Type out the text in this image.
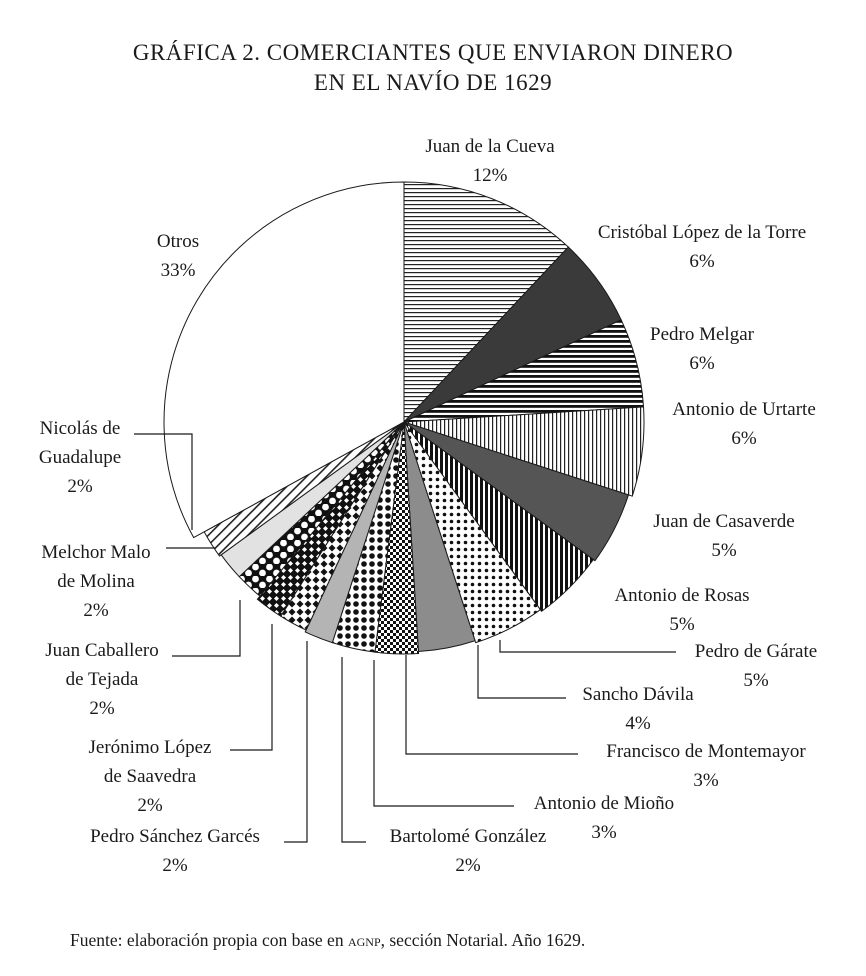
GRÁFICA 2. COMERCIANTES QUE ENVIARON DINERO
EN EL NAVÍO DE 1629
Juan de la Cueva 12%
Cristóbal López de la Torre 6%
Pedro Melgar 6%
Antonio de Urtarte 6%
Juan de Casaverde 5%
Antonio de Rosas 5%
Pedro de Gárate 5%
Sancho Dávila 4%
Francisco de Montemayor 3%
Antonio de Mioño 3%
Bartolomé González 2%
Pedro Sánchez Garcés 2%
Jerónimo López de Saavedra 2%
Juan Caballero de Tejada 2%
Melchor Malo de Molina 2%
Nicolás de Guadalupe 2%
Otros 33%
Fuente: elaboración propia con base en agnp, sección Notarial. Año 1629.
